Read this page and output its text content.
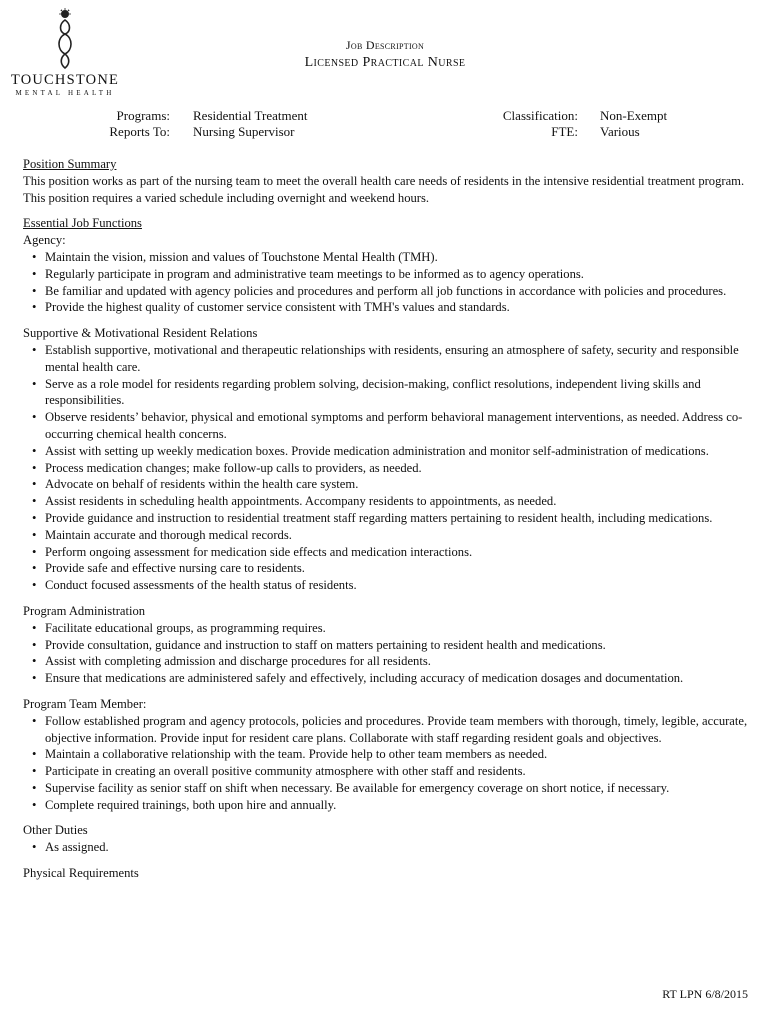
TOUCHSTONE
MENTAL HEALTH
Job Description
Licensed Practical Nurse
Programs:
Reports To:
Residential Treatment
Nursing Supervisor
Classification:
FTE:
Non-Exempt
Various
Position Summary

This position works as part of the nursing team to meet the overall health care needs of residents in the intensive residential treatment program. This position requires a varied schedule including overnight and weekend hours.

Essential Job Functions
Agency:
• Maintain the vision, mission and values of Touchstone Mental Health (TMH).
• Regularly participate in program and administrative team meetings to be informed as to agency operations.
• Be familiar and updated with agency policies and procedures and perform all job functions in accordance with policies and procedures.
• Provide the highest quality of customer service consistent with TMH's values and standards.
Supportive & Motivational Resident Relations
• Establish supportive, motivational and therapeutic relationships with residents, ensuring an atmosphere of safety, security and responsible mental health care.
• Serve as a role model for residents regarding problem solving, decision-making, conflict resolutions, independent living skills and responsibilities.
• Observe residents’ behavior, physical and emotional symptoms and perform behavioral management interventions, as needed. Address co-occurring chemical health concerns.
• Assist with setting up weekly medication boxes. Provide medication administration and monitor self-administration of medications.
• Process medication changes; make follow-up calls to providers, as needed.
• Advocate on behalf of residents within the health care system.
• Assist residents in scheduling health appointments. Accompany residents to appointments, as needed.
• Provide guidance and instruction to residential treatment staff regarding matters pertaining to resident health, including medications.
• Maintain accurate and thorough medical records.
• Perform ongoing assessment for medication side effects and medication interactions.
• Provide safe and effective nursing care to residents.
• Conduct focused assessments of the health status of residents.
Program Administration
• Facilitate educational groups, as programming requires.
• Provide consultation, guidance and instruction to staff on matters pertaining to resident health and medications.
• Assist with completing admission and discharge procedures for all residents.
• Ensure that medications are administered safely and effectively, including accuracy of medication dosages and documentation.
Program Team Member:
• Follow established program and agency protocols, policies and procedures. Provide team members with thorough, timely, legible, accurate, objective information. Provide input for resident care plans. Collaborate with staff regarding resident goals and objectives.
• Maintain a collaborative relationship with the team. Provide help to other team members as needed.
• Participate in creating an overall positive community atmosphere with other staff and residents.
• Supervise facility as senior staff on shift when necessary. Be available for emergency coverage on short notice, if necessary.
• Complete required trainings, both upon hire and annually.
Other Duties
• As assigned.
Physical Requirements
RT LPN 6/8/2015
